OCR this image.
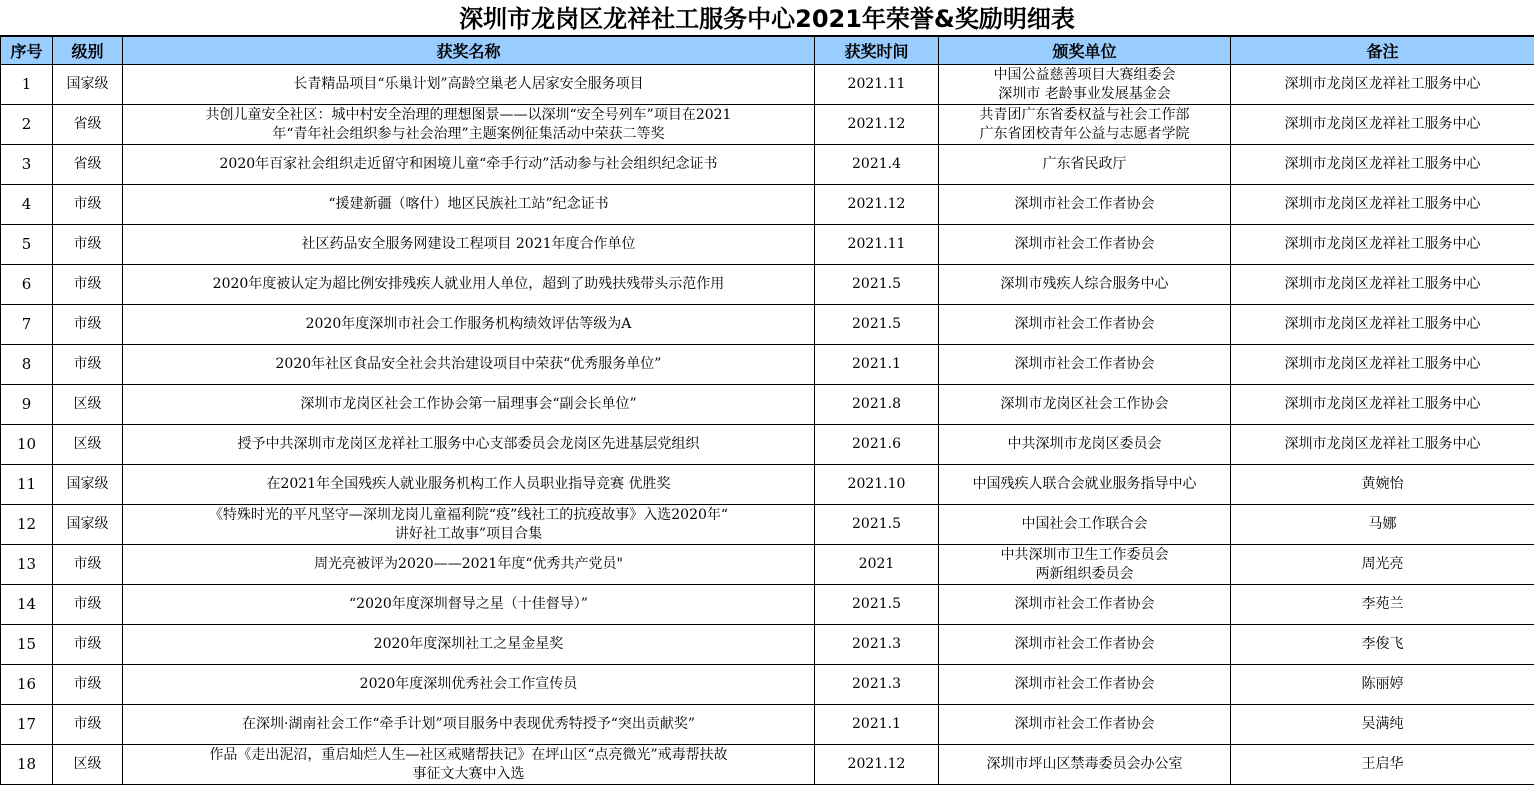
深圳市龙岗区龙祥社工服务中心2021年荣誉&奖励明细表
序号	级别	获奖名称	获奖时间	颁奖单位	备注
1	国家级	长青精品项目“乐巢计划”高龄空巢老人居家安全服务项目	2021.11	中国公益慈善项目大赛组委会
深圳市 老龄事业发展基金会	深圳市龙岗区龙祥社工服务中心
2	省级	共创儿童安全社区：城中村安全治理的理想图景——以深圳“安全号列车”项目在2021
年“青年社会组织参与社会治理”主题案例征集活动中荣获二等奖	2021.12	共青团广东省委权益与社会工作部
广东省团校青年公益与志愿者学院	深圳市龙岗区龙祥社工服务中心
3	省级	2020年百家社会组织走近留守和困境儿童“牵手行动”活动参与社会组织纪念证书	2021.4	广东省民政厅	深圳市龙岗区龙祥社工服务中心
4	市级	“援建新疆（喀什）地区民族社工站”纪念证书	2021.12	深圳市社会工作者协会	深圳市龙岗区龙祥社工服务中心
5	市级	社区药品安全服务网建设工程项目 2021年度合作单位	2021.11	深圳市社会工作者协会	深圳市龙岗区龙祥社工服务中心
6	市级	2020年度被认定为超比例安排残疾人就业用人单位，超到了助残扶残带头示范作用	2021.5	深圳市残疾人综合服务中心	深圳市龙岗区龙祥社工服务中心
7	市级	2020年度深圳市社会工作服务机构绩效评估等级为A	2021.5	深圳市社会工作者协会	深圳市龙岗区龙祥社工服务中心
8	市级	2020年社区食品安全社会共治建设项目中荣获“优秀服务单位”	2021.1	深圳市社会工作者协会	深圳市龙岗区龙祥社工服务中心
9	区级	深圳市龙岗区社会工作协会第一届理事会“副会长单位”	2021.8	深圳市龙岗区社会工作协会	深圳市龙岗区龙祥社工服务中心
10	区级	授予中共深圳市龙岗区龙祥社工服务中心支部委员会龙岗区先进基层党组织	2021.6	中共深圳市龙岗区委员会	深圳市龙岗区龙祥社工服务中心
11	国家级	在2021年全国残疾人就业服务机构工作人员职业指导竞赛 优胜奖	2021.10	中国残疾人联合会就业服务指导中心	黄婉怡
12	国家级	《特殊时光的平凡坚守—深圳龙岗儿童福利院“疫”线社工的抗疫故事》入选2020年“
讲好社工故事”项目合集	2021.5	中国社会工作联合会	马娜
13	市级	周光亮被评为2020——2021年度“优秀共产党员"	2021	中共深圳市卫生工作委员会
两新组织委员会	周光亮
14	市级	“2020年度深圳督导之星（十佳督导）”	2021.5	深圳市社会工作者协会	李苑兰
15	市级	2020年度深圳社工之星金星奖	2021.3	深圳市社会工作者协会	李俊飞
16	市级	2020年度深圳优秀社会工作宣传员	2021.3	深圳市社会工作者协会	陈丽婷
17	市级	在深圳·湖南社会工作“牵手计划”项目服务中表现优秀特授予“突出贡献奖”	2021.1	深圳市社会工作者协会	吴满纯
18	区级	作品《走出泥沼，重启灿烂人生—社区戒赌帮扶记》在坪山区“点亮微光”戒毒帮扶故
事征文大赛中入选	2021.12	深圳市坪山区禁毒委员会办公室	王启华
